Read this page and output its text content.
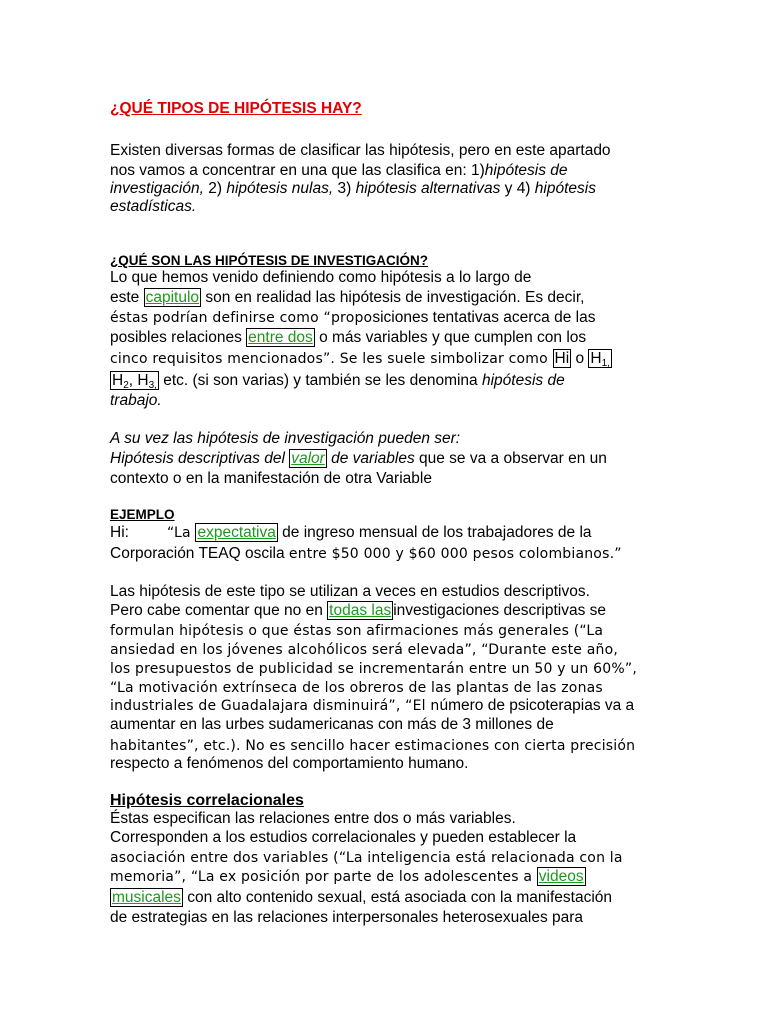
¿QUÉ TIPOS DE HIPÓTESIS HAY?
Existen diversas formas de clasificar las hipótesis, pero en este apartado
nos vamos a concentrar en una que las clasifica en: 1)hipótesis de
investigación, 2) hipótesis nulas, 3) hipótesis alternativas y 4) hipótesis
estadísticas.
¿QUÉ SON LAS HIPÓTESIS DE INVESTIGACIÓN?
Lo que hemos venido definiendo como hipótesis a lo largo de
este capitulo son en realidad las hipótesis de investigación. Es decir,
éstas podrían definirse como “proposiciones tentativas acerca de las
posibles relaciones entre dos o más variables y que cumplen con los
cinco requisitos mencionados”. Se les suele simbolizar como Hi o $H_{1,}$
$H_2$, $H_{3,}$ etc. (si son varias) y también se les denomina hipótesis de
trabajo.
A su vez las hipótesis de investigación pueden ser:
Hipótesis descriptivas del valor de variables que se va a observar en un
contexto o en la manifestación de otra Variable
EJEMPLO
Hi:	“La expectativa de ingreso mensual de los trabajadores de la
Corporación TEAQ oscila entre $50 000 y $60 000 pesos colombianos.”
Las hipótesis de este tipo se utilizan a veces en estudios descriptivos.
Pero cabe comentar que no en todas las investigaciones descriptivas se
formulan hipótesis o que éstas son afirmaciones más generales (“La
ansiedad en los jóvenes alcohólicos será elevada”, “Durante este año,
los presupuestos de publicidad se incrementarán entre un 50 y un 60%”,
“La motivación extrínseca de los obreros de las plantas de las zonas
industriales de Guadalajara disminuirá”, “El número de psicoterapias va a
aumentar en las urbes sudamericanas con más de 3 millones de
habitantes”, etc.). No es sencillo hacer estimaciones con cierta precisión
respecto a fenómenos del comportamiento humano.
Hipótesis correlacionales
Éstas especifican las relaciones entre dos o más variables.
Corresponden a los estudios correlacionales y pueden establecer la
asociación entre dos variables (“La inteligencia está relacionada con la
memoria”, “La ex posición por parte de los adolescentes a videos
musicales con alto contenido sexual, está asociada con la manifestación
de estrategias en las relaciones interpersonales heterosexuales para
